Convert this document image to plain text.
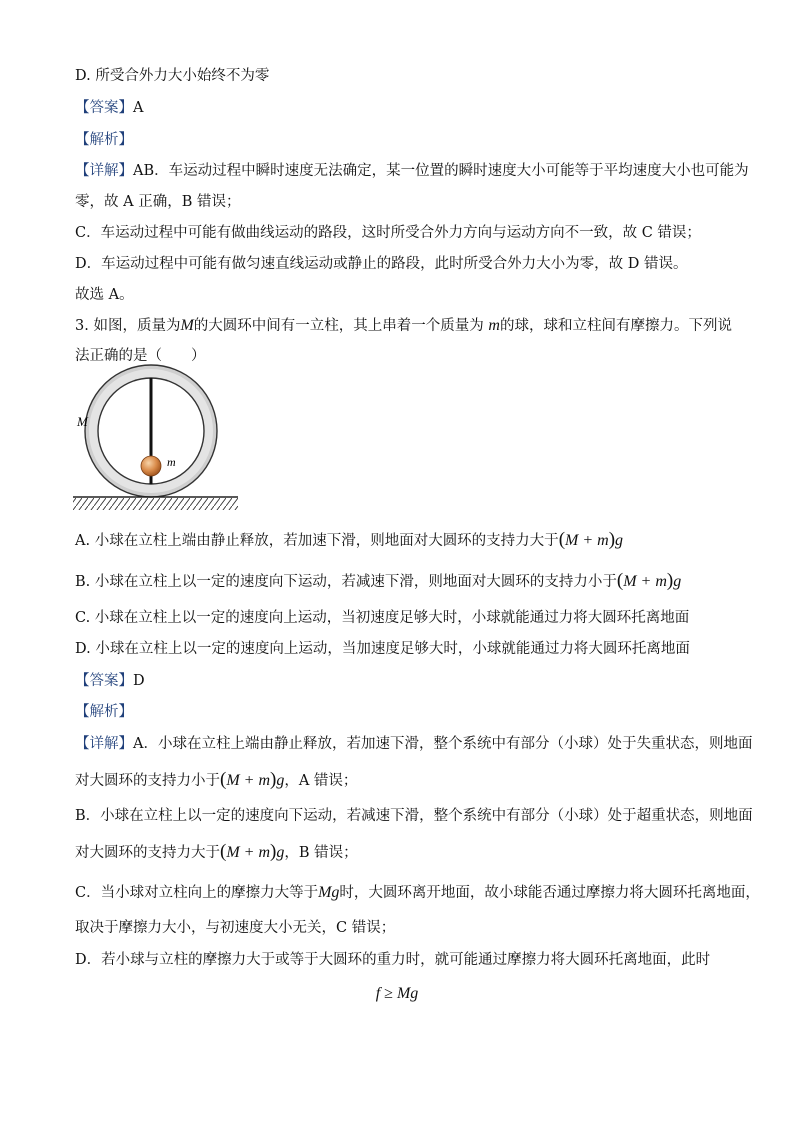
D. 所受合外力大小始终不为零
【答案】A
【解析】
【详解】AB．车运动过程中瞬时速度无法确定，某一位置的瞬时速度大小可能等于平均速度大小也可能为
零，故 A 正确，B 错误；
C．车运动过程中可能有做曲线运动的路段，这时所受合外力方向与运动方向不一致，故 C 错误；
D．车运动过程中可能有做匀速直线运动或静止的路段，此时所受合外力大小为零，故 D 错误。
故选 A。
3. 如图，质量为M的大圆环中间有一立柱，其上串着一个质量为 m的球，球和立柱间有摩擦力。下列说
法正确的是（　　）
M
m
A. 小球在立柱上端由静止释放，若加速下滑，则地面对大圆环的支持力大于(M + m)g
B. 小球在立柱上以一定的速度向下运动，若减速下滑，则地面对大圆环的支持力小于(M + m)g
C. 小球在立柱上以一定的速度向上运动，当初速度足够大时，小球就能通过力将大圆环托离地面
D. 小球在立柱上以一定的速度向上运动，当加速度足够大时，小球就能通过力将大圆环托离地面
【答案】D
【解析】
【详解】A．小球在立柱上端由静止释放，若加速下滑，整个系统中有部分（小球）处于失重状态，则地面
对大圆环的支持力小于(M + m)g，A 错误；
B．小球在立柱上以一定的速度向下运动，若减速下滑，整个系统中有部分（小球）处于超重状态，则地面
对大圆环的支持力大于(M + m)g，B 错误；
C．当小球对立柱向上的摩擦力大等于Mg时，大圆环离开地面，故小球能否通过摩擦力将大圆环托离地面，
取决于摩擦力大小，与初速度大小无关，C 错误；
D．若小球与立柱的摩擦力大于或等于大圆环的重力时，就可能通过摩擦力将大圆环托离地面，此时
f ≥ Mg
